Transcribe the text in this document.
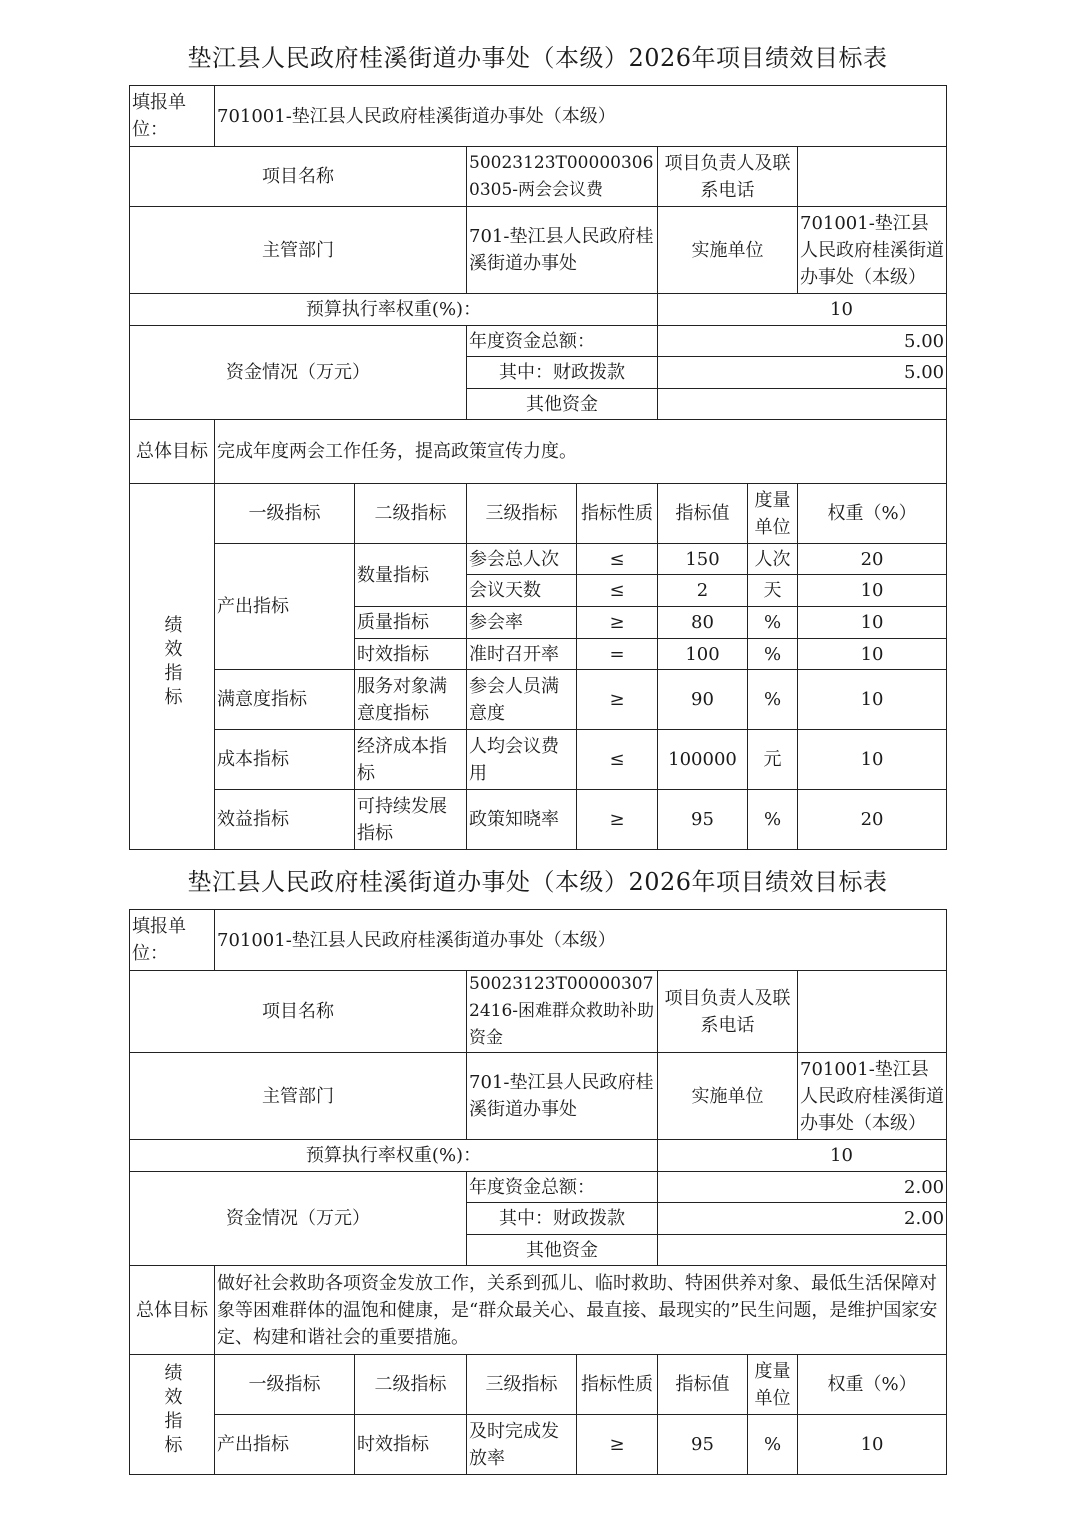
垫江县人民政府桂溪街道办事处（本级）2026年项目绩效目标表
填报单位：	701001-垫江县人民政府桂溪街道办事处（本级）						
项目名称			50023123T000003060305-两会会议费		项目负责人及联系电话		
主管部门			701-垫江县人民政府桂溪街道办事处		实施单位		701001-垫江县人民政府桂溪街道办事处（本级）
预算执行率权重(%)：					10		
资金情况（万元）			年度资金总额：		5.00		
			其中：财政拨款		5.00		
			其他资金				
总体目标	完成年度两会工作任务，提高政策宣传力度。						
绩效指标	一级指标	二级指标	三级指标	指标性质	指标值	度量单位	权重（%）
	产出指标	数量指标	参会总人次	≤	150	人次	20
			会议天数	≤	2	天	10
		质量指标	参会率	≥	80	%	10
		时效指标	准时召开率	=	100	%	10
	满意度指标	服务对象满意度指标	参会人员满意度	≥	90	%	10
	成本指标	经济成本指标	人均会议费用	≤	100000	元	10
	效益指标	可持续发展指标	政策知晓率	≥	95	%	20
垫江县人民政府桂溪街道办事处（本级）2026年项目绩效目标表
填报单位：	701001-垫江县人民政府桂溪街道办事处（本级）						
项目名称			50023123T000003072416-困难群众救助补助资金		项目负责人及联系电话		
主管部门			701-垫江县人民政府桂溪街道办事处		实施单位		701001-垫江县人民政府桂溪街道办事处（本级）
预算执行率权重(%)：					10		
资金情况（万元）			年度资金总额：		2.00		
			其中：财政拨款		2.00		
			其他资金				
总体目标	做好社会救助各项资金发放工作，关系到孤儿、临时救助、特困供养对象、最低生活保障对象等困难群体的温饱和健康，是“群众最关心、最直接、最现实的”民生问题，是维护国家安定、构建和谐社会的重要措施。						
绩效指标	一级指标	二级指标	三级指标	指标性质	指标值	度量单位	权重（%）
	产出指标	时效指标	及时完成发放率	≥	95	%	10
